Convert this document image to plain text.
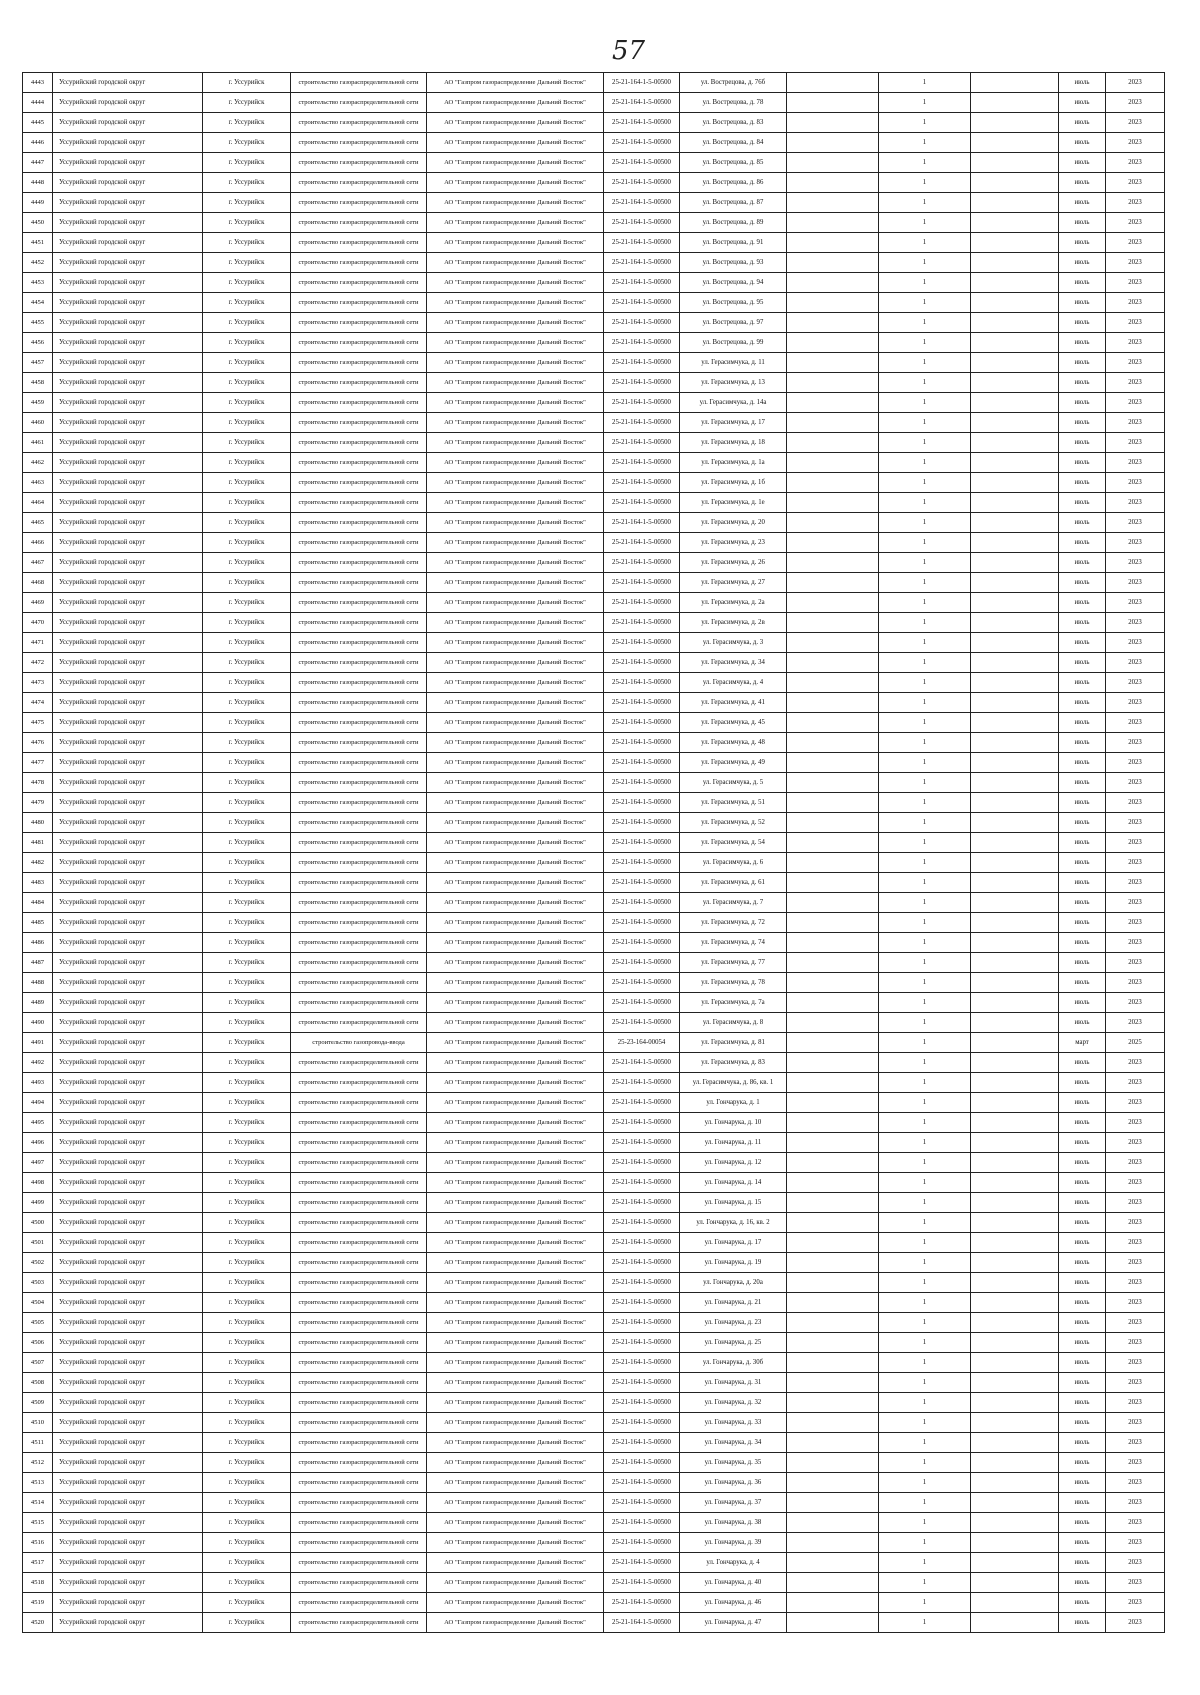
57
4443	Уссурийский городской округ	г. Уссурийск	строительство газораспределительной сети	АО "Газпром газораспределение Дальний Восток"	25-21-164-1-5-00500	ул. Вострецова, д. 76б		1		июль	2023
4444	Уссурийский городской округ	г. Уссурийск	строительство газораспределительной сети	АО "Газпром газораспределение Дальний Восток"	25-21-164-1-5-00500	ул. Вострецова, д. 78		1		июль	2023
4445	Уссурийский городской округ	г. Уссурийск	строительство газораспределительной сети	АО "Газпром газораспределение Дальний Восток"	25-21-164-1-5-00500	ул. Вострецова, д. 83		1		июль	2023
4446	Уссурийский городской округ	г. Уссурийск	строительство газораспределительной сети	АО "Газпром газораспределение Дальний Восток"	25-21-164-1-5-00500	ул. Вострецова, д. 84		1		июль	2023
4447	Уссурийский городской округ	г. Уссурийск	строительство газораспределительной сети	АО "Газпром газораспределение Дальний Восток"	25-21-164-1-5-00500	ул. Вострецова, д. 85		1		июль	2023
4448	Уссурийский городской округ	г. Уссурийск	строительство газораспределительной сети	АО "Газпром газораспределение Дальний Восток"	25-21-164-1-5-00500	ул. Вострецова, д. 86		1		июль	2023
4449	Уссурийский городской округ	г. Уссурийск	строительство газораспределительной сети	АО "Газпром газораспределение Дальний Восток"	25-21-164-1-5-00500	ул. Вострецова, д. 87		1		июль	2023
4450	Уссурийский городской округ	г. Уссурийск	строительство газораспределительной сети	АО "Газпром газораспределение Дальний Восток"	25-21-164-1-5-00500	ул. Вострецова, д. 89		1		июль	2023
4451	Уссурийский городской округ	г. Уссурийск	строительство газораспределительной сети	АО "Газпром газораспределение Дальний Восток"	25-21-164-1-5-00500	ул. Вострецова, д. 91		1		июль	2023
4452	Уссурийский городской округ	г. Уссурийск	строительство газораспределительной сети	АО "Газпром газораспределение Дальний Восток"	25-21-164-1-5-00500	ул. Вострецова, д. 93		1		июль	2023
4453	Уссурийский городской округ	г. Уссурийск	строительство газораспределительной сети	АО "Газпром газораспределение Дальний Восток"	25-21-164-1-5-00500	ул. Вострецова, д. 94		1		июль	2023
4454	Уссурийский городской округ	г. Уссурийск	строительство газораспределительной сети	АО "Газпром газораспределение Дальний Восток"	25-21-164-1-5-00500	ул. Вострецова, д. 95		1		июль	2023
4455	Уссурийский городской округ	г. Уссурийск	строительство газораспределительной сети	АО "Газпром газораспределение Дальний Восток"	25-21-164-1-5-00500	ул. Вострецова, д. 97		1		июль	2023
4456	Уссурийский городской округ	г. Уссурийск	строительство газораспределительной сети	АО "Газпром газораспределение Дальний Восток"	25-21-164-1-5-00500	ул. Вострецова, д. 99		1		июль	2023
4457	Уссурийский городской округ	г. Уссурийск	строительство газораспределительной сети	АО "Газпром газораспределение Дальний Восток"	25-21-164-1-5-00500	ул. Герасимчука, д. 11		1		июль	2023
4458	Уссурийский городской округ	г. Уссурийск	строительство газораспределительной сети	АО "Газпром газораспределение Дальний Восток"	25-21-164-1-5-00500	ул. Герасимчука, д. 13		1		июль	2023
4459	Уссурийский городской округ	г. Уссурийск	строительство газораспределительной сети	АО "Газпром газораспределение Дальний Восток"	25-21-164-1-5-00500	ул. Герасимчука, д. 14а		1		июль	2023
4460	Уссурийский городской округ	г. Уссурийск	строительство газораспределительной сети	АО "Газпром газораспределение Дальний Восток"	25-21-164-1-5-00500	ул. Герасимчука, д. 17		1		июль	2023
4461	Уссурийский городской округ	г. Уссурийск	строительство газораспределительной сети	АО "Газпром газораспределение Дальний Восток"	25-21-164-1-5-00500	ул. Герасимчука, д. 18		1		июль	2023
4462	Уссурийский городской округ	г. Уссурийск	строительство газораспределительной сети	АО "Газпром газораспределение Дальний Восток"	25-21-164-1-5-00500	ул. Герасимчука, д. 1а		1		июль	2023
4463	Уссурийский городской округ	г. Уссурийск	строительство газораспределительной сети	АО "Газпром газораспределение Дальний Восток"	25-21-164-1-5-00500	ул. Герасимчука, д. 1б		1		июль	2023
4464	Уссурийский городской округ	г. Уссурийск	строительство газораспределительной сети	АО "Газпром газораспределение Дальний Восток"	25-21-164-1-5-00500	ул. Герасимчука, д. 1е		1		июль	2023
4465	Уссурийский городской округ	г. Уссурийск	строительство газораспределительной сети	АО "Газпром газораспределение Дальний Восток"	25-21-164-1-5-00500	ул. Герасимчука, д. 20		1		июль	2023
4466	Уссурийский городской округ	г. Уссурийск	строительство газораспределительной сети	АО "Газпром газораспределение Дальний Восток"	25-21-164-1-5-00500	ул. Герасимчука, д. 23		1		июль	2023
4467	Уссурийский городской округ	г. Уссурийск	строительство газораспределительной сети	АО "Газпром газораспределение Дальний Восток"	25-21-164-1-5-00500	ул. Герасимчука, д. 26		1		июль	2023
4468	Уссурийский городской округ	г. Уссурийск	строительство газораспределительной сети	АО "Газпром газораспределение Дальний Восток"	25-21-164-1-5-00500	ул. Герасимчука, д. 27		1		июль	2023
4469	Уссурийский городской округ	г. Уссурийск	строительство газораспределительной сети	АО "Газпром газораспределение Дальний Восток"	25-21-164-1-5-00500	ул. Герасимчука, д. 2а		1		июль	2023
4470	Уссурийский городской округ	г. Уссурийск	строительство газораспределительной сети	АО "Газпром газораспределение Дальний Восток"	25-21-164-1-5-00500	ул. Герасимчука, д. 2в		1		июль	2023
4471	Уссурийский городской округ	г. Уссурийск	строительство газораспределительной сети	АО "Газпром газораспределение Дальний Восток"	25-21-164-1-5-00500	ул. Герасимчука, д. 3		1		июль	2023
4472	Уссурийский городской округ	г. Уссурийск	строительство газораспределительной сети	АО "Газпром газораспределение Дальний Восток"	25-21-164-1-5-00500	ул. Герасимчука, д. 34		1		июль	2023
4473	Уссурийский городской округ	г. Уссурийск	строительство газораспределительной сети	АО "Газпром газораспределение Дальний Восток"	25-21-164-1-5-00500	ул. Герасимчука, д. 4		1		июль	2023
4474	Уссурийский городской округ	г. Уссурийск	строительство газораспределительной сети	АО "Газпром газораспределение Дальний Восток"	25-21-164-1-5-00500	ул. Герасимчука, д. 41		1		июль	2023
4475	Уссурийский городской округ	г. Уссурийск	строительство газораспределительной сети	АО "Газпром газораспределение Дальний Восток"	25-21-164-1-5-00500	ул. Герасимчука, д. 45		1		июль	2023
4476	Уссурийский городской округ	г. Уссурийск	строительство газораспределительной сети	АО "Газпром газораспределение Дальний Восток"	25-21-164-1-5-00500	ул. Герасимчука, д. 48		1		июль	2023
4477	Уссурийский городской округ	г. Уссурийск	строительство газораспределительной сети	АО "Газпром газораспределение Дальний Восток"	25-21-164-1-5-00500	ул. Герасимчука, д. 49		1		июль	2023
4478	Уссурийский городской округ	г. Уссурийск	строительство газораспределительной сети	АО "Газпром газораспределение Дальний Восток"	25-21-164-1-5-00500	ул. Герасимчука, д. 5		1		июль	2023
4479	Уссурийский городской округ	г. Уссурийск	строительство газораспределительной сети	АО "Газпром газораспределение Дальний Восток"	25-21-164-1-5-00500	ул. Герасимчука, д. 51		1		июль	2023
4480	Уссурийский городской округ	г. Уссурийск	строительство газораспределительной сети	АО "Газпром газораспределение Дальний Восток"	25-21-164-1-5-00500	ул. Герасимчука, д. 52		1		июль	2023
4481	Уссурийский городской округ	г. Уссурийск	строительство газораспределительной сети	АО "Газпром газораспределение Дальний Восток"	25-21-164-1-5-00500	ул. Герасимчука, д. 54		1		июль	2023
4482	Уссурийский городской округ	г. Уссурийск	строительство газораспределительной сети	АО "Газпром газораспределение Дальний Восток"	25-21-164-1-5-00500	ул. Герасимчука, д. 6		1		июль	2023
4483	Уссурийский городской округ	г. Уссурийск	строительство газораспределительной сети	АО "Газпром газораспределение Дальний Восток"	25-21-164-1-5-00500	ул. Герасимчука, д. 61		1		июль	2023
4484	Уссурийский городской округ	г. Уссурийск	строительство газораспределительной сети	АО "Газпром газораспределение Дальний Восток"	25-21-164-1-5-00500	ул. Герасимчука, д. 7		1		июль	2023
4485	Уссурийский городской округ	г. Уссурийск	строительство газораспределительной сети	АО "Газпром газораспределение Дальний Восток"	25-21-164-1-5-00500	ул. Герасимчука, д. 72		1		июль	2023
4486	Уссурийский городской округ	г. Уссурийск	строительство газораспределительной сети	АО "Газпром газораспределение Дальний Восток"	25-21-164-1-5-00500	ул. Герасимчука, д. 74		1		июль	2023
4487	Уссурийский городской округ	г. Уссурийск	строительство газораспределительной сети	АО "Газпром газораспределение Дальний Восток"	25-21-164-1-5-00500	ул. Герасимчука, д. 77		1		июль	2023
4488	Уссурийский городской округ	г. Уссурийск	строительство газораспределительной сети	АО "Газпром газораспределение Дальний Восток"	25-21-164-1-5-00500	ул. Герасимчука, д. 78		1		июль	2023
4489	Уссурийский городской округ	г. Уссурийск	строительство газораспределительной сети	АО "Газпром газораспределение Дальний Восток"	25-21-164-1-5-00500	ул. Герасимчука, д. 7а		1		июль	2023
4490	Уссурийский городской округ	г. Уссурийск	строительство газораспределительной сети	АО "Газпром газораспределение Дальний Восток"	25-21-164-1-5-00500	ул. Герасимчука, д. 8		1		июль	2023
4491	Уссурийский городской округ	г. Уссурийск	строительство газопровода-ввода	АО "Газпром газораспределение Дальний Восток"	25-23-164-00054	ул. Герасимчука, д. 81		1		март	2025
4492	Уссурийский городской округ	г. Уссурийск	строительство газораспределительной сети	АО "Газпром газораспределение Дальний Восток"	25-21-164-1-5-00500	ул. Герасимчука, д. 83		1		июль	2023
4493	Уссурийский городской округ	г. Уссурийск	строительство газораспределительной сети	АО "Газпром газораспределение Дальний Восток"	25-21-164-1-5-00500	ул. Герасимчука, д. 86, кв. 1		1		июль	2023
4494	Уссурийский городской округ	г. Уссурийск	строительство газораспределительной сети	АО "Газпром газораспределение Дальний Восток"	25-21-164-1-5-00500	ул. Гончарука, д. 1		1		июль	2023
4495	Уссурийский городской округ	г. Уссурийск	строительство газораспределительной сети	АО "Газпром газораспределение Дальний Восток"	25-21-164-1-5-00500	ул. Гончарука, д. 10		1		июль	2023
4496	Уссурийский городской округ	г. Уссурийск	строительство газораспределительной сети	АО "Газпром газораспределение Дальний Восток"	25-21-164-1-5-00500	ул. Гончарука, д. 11		1		июль	2023
4497	Уссурийский городской округ	г. Уссурийск	строительство газораспределительной сети	АО "Газпром газораспределение Дальний Восток"	25-21-164-1-5-00500	ул. Гончарука, д. 12		1		июль	2023
4498	Уссурийский городской округ	г. Уссурийск	строительство газораспределительной сети	АО "Газпром газораспределение Дальний Восток"	25-21-164-1-5-00500	ул. Гончарука, д. 14		1		июль	2023
4499	Уссурийский городской округ	г. Уссурийск	строительство газораспределительной сети	АО "Газпром газораспределение Дальний Восток"	25-21-164-1-5-00500	ул. Гончарука, д. 15		1		июль	2023
4500	Уссурийский городской округ	г. Уссурийск	строительство газораспределительной сети	АО "Газпром газораспределение Дальний Восток"	25-21-164-1-5-00500	ул. Гончарука, д. 16, кв. 2		1		июль	2023
4501	Уссурийский городской округ	г. Уссурийск	строительство газораспределительной сети	АО "Газпром газораспределение Дальний Восток"	25-21-164-1-5-00500	ул. Гончарука, д. 17		1		июль	2023
4502	Уссурийский городской округ	г. Уссурийск	строительство газораспределительной сети	АО "Газпром газораспределение Дальний Восток"	25-21-164-1-5-00500	ул. Гончарука, д. 19		1		июль	2023
4503	Уссурийский городской округ	г. Уссурийск	строительство газораспределительной сети	АО "Газпром газораспределение Дальний Восток"	25-21-164-1-5-00500	ул. Гончарука, д. 20а		1		июль	2023
4504	Уссурийский городской округ	г. Уссурийск	строительство газораспределительной сети	АО "Газпром газораспределение Дальний Восток"	25-21-164-1-5-00500	ул. Гончарука, д. 21		1		июль	2023
4505	Уссурийский городской округ	г. Уссурийск	строительство газораспределительной сети	АО "Газпром газораспределение Дальний Восток"	25-21-164-1-5-00500	ул. Гончарука, д. 23		1		июль	2023
4506	Уссурийский городской округ	г. Уссурийск	строительство газораспределительной сети	АО "Газпром газораспределение Дальний Восток"	25-21-164-1-5-00500	ул. Гончарука, д. 25		1		июль	2023
4507	Уссурийский городской округ	г. Уссурийск	строительство газораспределительной сети	АО "Газпром газораспределение Дальний Восток"	25-21-164-1-5-00500	ул. Гончарука, д. 30б		1		июль	2023
4508	Уссурийский городской округ	г. Уссурийск	строительство газораспределительной сети	АО "Газпром газораспределение Дальний Восток"	25-21-164-1-5-00500	ул. Гончарука, д. 31		1		июль	2023
4509	Уссурийский городской округ	г. Уссурийск	строительство газораспределительной сети	АО "Газпром газораспределение Дальний Восток"	25-21-164-1-5-00500	ул. Гончарука, д. 32		1		июль	2023
4510	Уссурийский городской округ	г. Уссурийск	строительство газораспределительной сети	АО "Газпром газораспределение Дальний Восток"	25-21-164-1-5-00500	ул. Гончарука, д. 33		1		июль	2023
4511	Уссурийский городской округ	г. Уссурийск	строительство газораспределительной сети	АО "Газпром газораспределение Дальний Восток"	25-21-164-1-5-00500	ул. Гончарука, д. 34		1		июль	2023
4512	Уссурийский городской округ	г. Уссурийск	строительство газораспределительной сети	АО "Газпром газораспределение Дальний Восток"	25-21-164-1-5-00500	ул. Гончарука, д. 35		1		июль	2023
4513	Уссурийский городской округ	г. Уссурийск	строительство газораспределительной сети	АО "Газпром газораспределение Дальний Восток"	25-21-164-1-5-00500	ул. Гончарука, д. 36		1		июль	2023
4514	Уссурийский городской округ	г. Уссурийск	строительство газораспределительной сети	АО "Газпром газораспределение Дальний Восток"	25-21-164-1-5-00500	ул. Гончарука, д. 37		1		июль	2023
4515	Уссурийский городской округ	г. Уссурийск	строительство газораспределительной сети	АО "Газпром газораспределение Дальний Восток"	25-21-164-1-5-00500	ул. Гончарука, д. 38		1		июль	2023
4516	Уссурийский городской округ	г. Уссурийск	строительство газораспределительной сети	АО "Газпром газораспределение Дальний Восток"	25-21-164-1-5-00500	ул. Гончарука, д. 39		1		июль	2023
4517	Уссурийский городской округ	г. Уссурийск	строительство газораспределительной сети	АО "Газпром газораспределение Дальний Восток"	25-21-164-1-5-00500	ул. Гончарука, д. 4		1		июль	2023
4518	Уссурийский городской округ	г. Уссурийск	строительство газораспределительной сети	АО "Газпром газораспределение Дальний Восток"	25-21-164-1-5-00500	ул. Гончарука, д. 40		1		июль	2023
4519	Уссурийский городской округ	г. Уссурийск	строительство газораспределительной сети	АО "Газпром газораспределение Дальний Восток"	25-21-164-1-5-00500	ул. Гончарука, д. 46		1		июль	2023
4520	Уссурийский городской округ	г. Уссурийск	строительство газораспределительной сети	АО "Газпром газораспределение Дальний Восток"	25-21-164-1-5-00500	ул. Гончарука, д. 47		1		июль	2023
